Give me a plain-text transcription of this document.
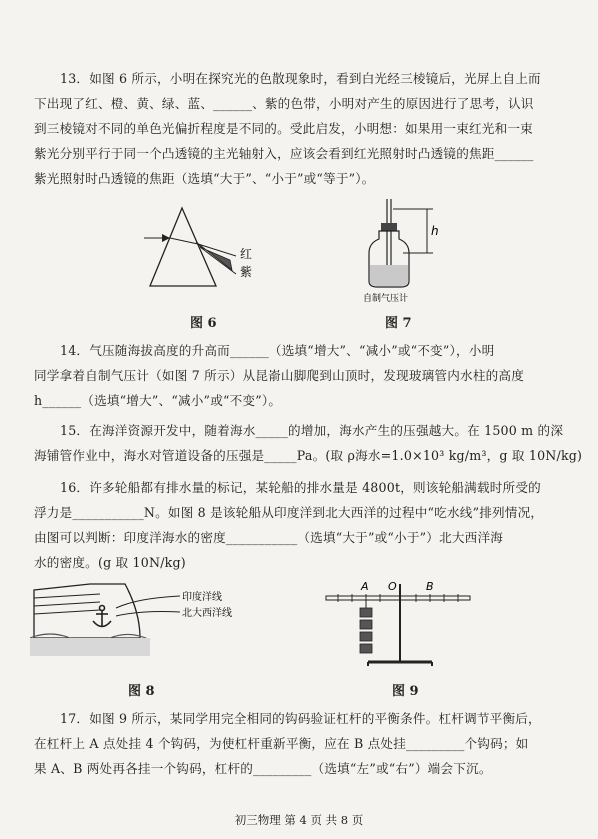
13．如图 6 所示，小明在探究光的色散现象时，看到白光经三棱镜后，光屏上自上而
下出现了红、橙、黄、绿、蓝、______、紫的色带，小明对产生的原因进行了思考，认识
到三棱镜对不同的单色光偏折程度是不同的。受此启发，小明想：如果用一束红光和一束
紫光分别平行于同一个凸透镜的主光轴射入，应该会看到红光照射时凸透镜的焦距______
紫光照射时凸透镜的焦距（选填“大于”、“小于”或“等于”）。
红
紫
图 6
h
自制气压计
图 7
14．气压随海拔高度的升高而______（选填“增大”、“减小”或“不变”），小明
同学拿着自制气压计（如图 7 所示）从昆嵛山脚爬到山顶时，发现玻璃管内水柱的高度
h______（选填“增大”、“减小”或“不变”）。
15．在海洋资源开发中，随着海水_____的增加，海水产生的压强越大。在 1500 m 的深
海铺管作业中，海水对管道设备的压强是_____Pa。(取 ρ海水=1.0×10³ kg/m³，g 取 10N/kg)
16．许多轮船都有排水量的标记，某轮船的排水量是 4800t，则该轮船满载时所受的
浮力是___________N。如图 8 是该轮船从印度洋到北大西洋的过程中“吃水线”排列情况，
由图可以判断：印度洋海水的密度___________（选填“大于”或“小于”）北大西洋海
水的密度。(g 取 10N/kg)
印度洋线
北大西洋线
图 8
A O	B
图 9
17．如图 9 所示，某同学用完全相同的钩码验证杠杆的平衡条件。杠杆调节平衡后，
在杠杆上 A 点处挂 4 个钩码，为使杠杆重新平衡，应在 B 点处挂_________个钩码；如
果 A、B 两处再各挂一个钩码，杠杆的_________（选填“左”或“右”）端会下沉。
初三物理 第 4 页 共 8 页
